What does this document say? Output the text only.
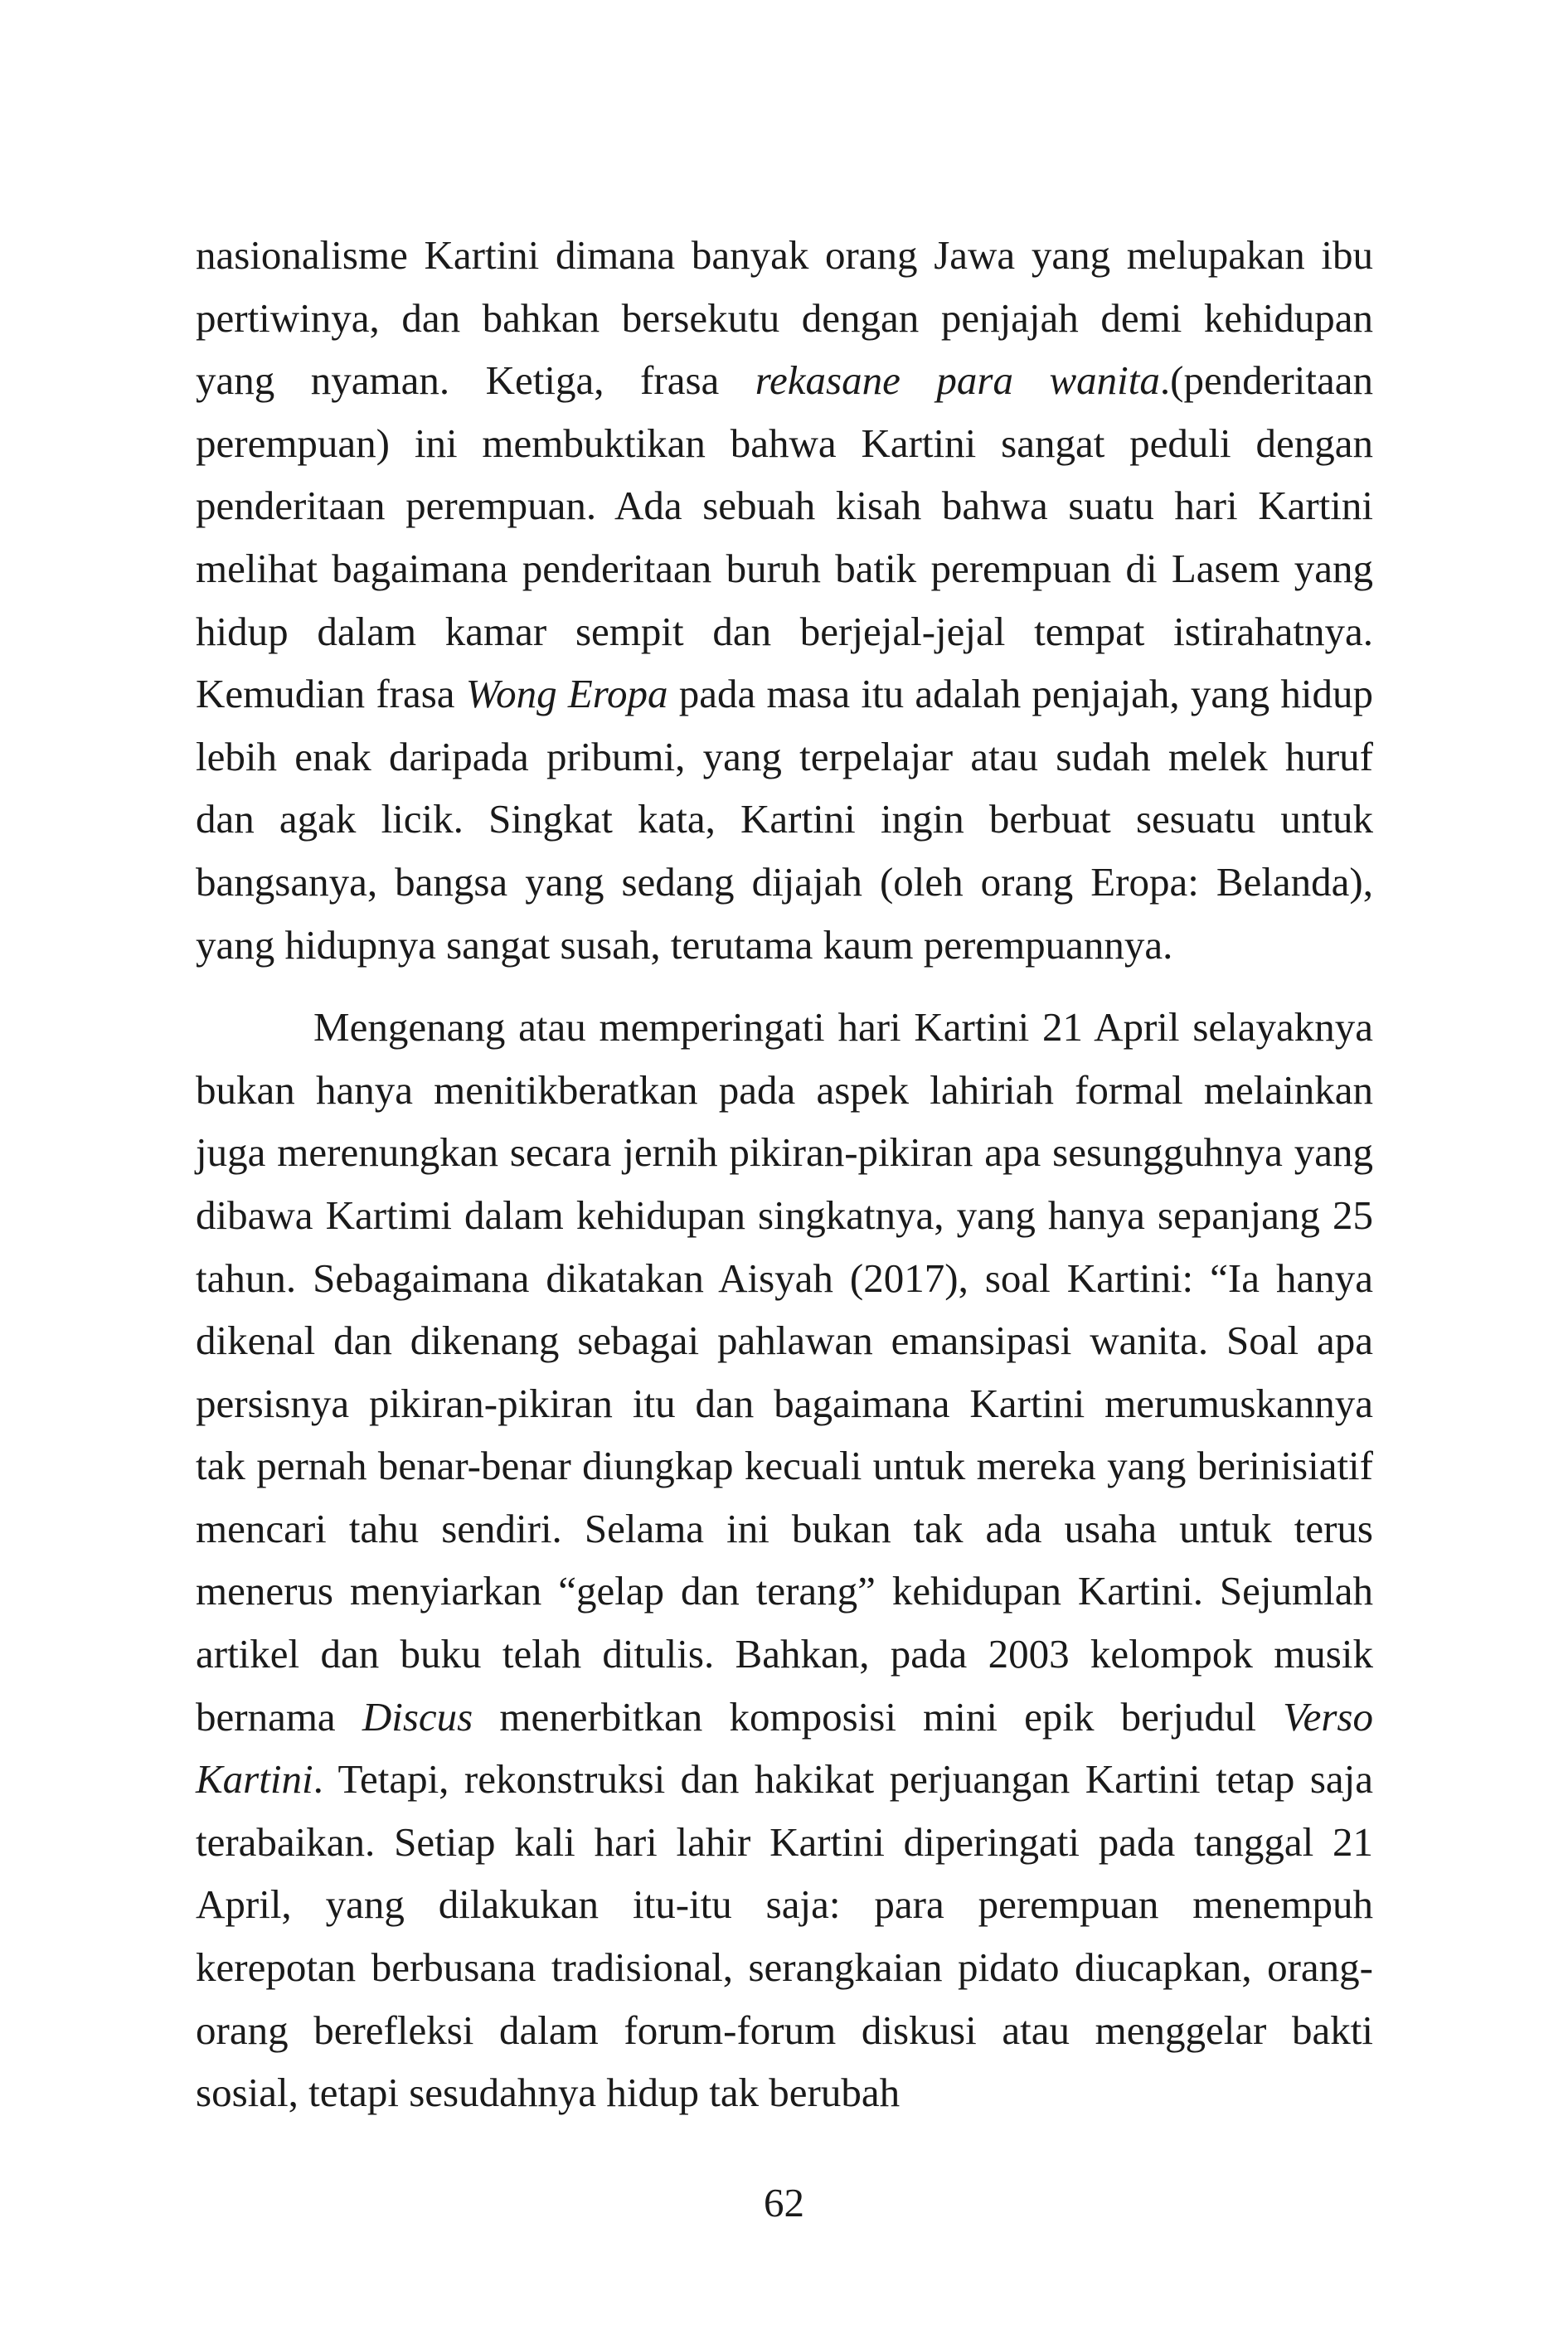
nasionalisme Kartini dimana banyak orang Jawa yang melupakan ibu pertiwinya, dan bahkan bersekutu dengan penjajah demi kehidupan yang nyaman. Ketiga, frasa rekasane para wanita.(penderitaan perempuan) ini membuktikan bahwa Kartini sangat peduli dengan penderitaan perempuan. Ada sebuah kisah bahwa suatu hari Kartini melihat bagaimana penderitaan buruh batik perempuan di Lasem yang hidup dalam kamar sempit dan berjejal-jejal tempat istirahatnya. Kemudian frasa Wong Eropa pada masa itu adalah penjajah, yang hidup lebih enak daripada pribumi, yang terpelajar atau sudah melek huruf dan agak licik. Singkat kata, Kartini ingin berbuat sesuatu untuk bangsanya, bangsa yang sedang dijajah (oleh orang Eropa: Belanda), yang hidupnya sangat susah, terutama kaum perempuannya.

Mengenang atau memperingati hari Kartini 21 April selayaknya bukan hanya menitikberatkan pada aspek lahiriah formal melainkan juga merenungkan secara jernih pikiran-pikiran apa sesungguhnya yang dibawa Kartimi dalam kehidupan singkatnya, yang hanya sepanjang 25 tahun. Sebagaimana dikatakan Aisyah (2017), soal Kartini: “Ia hanya dikenal dan dikenang sebagai pahlawan emansipasi wanita. Soal apa persisnya pikiran-pikiran itu dan bagaimana Kartini merumuskannya tak pernah benar-benar diungkap kecuali untuk mereka yang berinisiatif mencari tahu sendiri. Selama ini bukan tak ada usaha untuk terus menerus menyiarkan “gelap dan terang” kehidupan Kartini. Sejumlah artikel dan buku telah ditulis. Bahkan, pada 2003 kelompok musik bernama Discus menerbitkan komposisi mini epik berjudul Verso Kartini. Tetapi, rekonstruksi dan hakikat perjuangan Kartini tetap saja terabaikan. Setiap kali hari lahir Kartini diperingati pada tanggal 21 April, yang dilakukan itu-itu saja: para perempuan menempuh kerepotan berbusana tradisional, serangkaian pidato diucapkan, orang-orang berefleksi dalam forum-forum diskusi atau menggelar bakti sosial, tetapi sesudahnya hidup tak berubah

62
